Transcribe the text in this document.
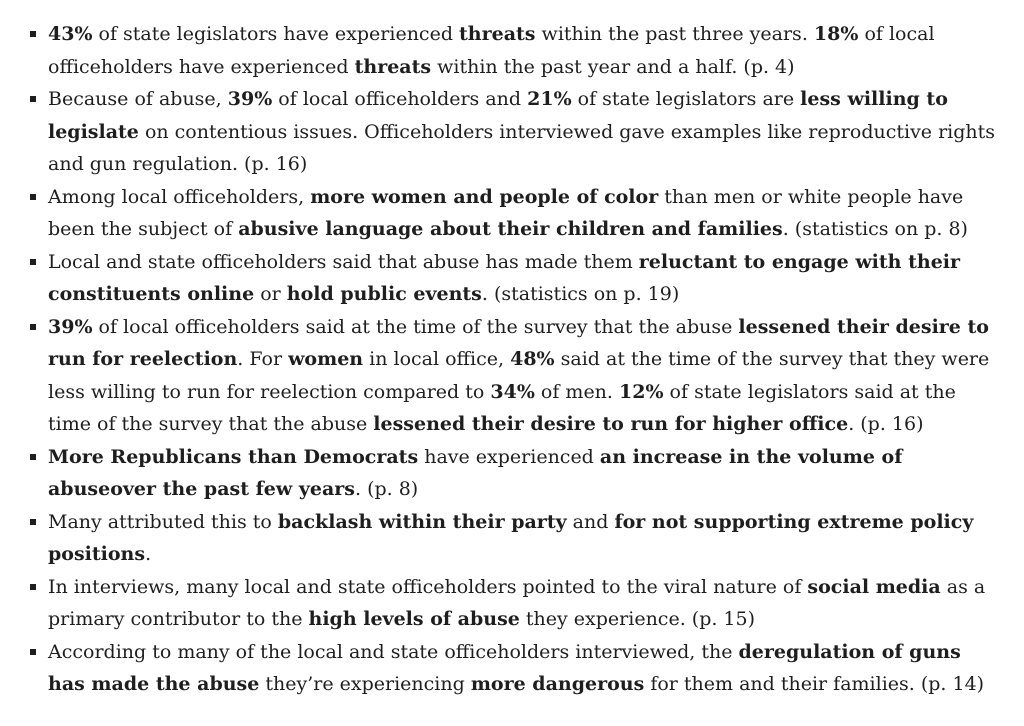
43% of state legislators have experienced threats within the past three years. 18% of local officeholders have experienced threats within the past year and a half. (p. 4)
Because of abuse, 39% of local officeholders and 21% of state legislators are less willing to legislate on contentious issues. Officeholders interviewed gave examples like reproductive rights and gun regulation. (p. 16)
Among local officeholders, more women and people of color than men or white people have been the subject of abusive language about their children and families. (statistics on p. 8)
Local and state officeholders said that abuse has made them reluctant to engage with their constituents online or hold public events. (statistics on p. 19)
39% of local officeholders said at the time of the survey that the abuse lessened their desire to run for reelection. For women in local office, 48% said at the time of the survey that they were less willing to run for reelection compared to 34% of men. 12% of state legislators said at the time of the survey that the abuse lessened their desire to run for higher office. (p. 16)
More Republicans than Democrats have experienced an increase in the volume of abuseover the past few years. (p. 8)
Many attributed this to backlash within their party and for not supporting extreme policy positions.
In interviews, many local and state officeholders pointed to the viral nature of social media as a primary contributor to the high levels of abuse they experience. (p. 15)
According to many of the local and state officeholders interviewed, the deregulation of guns has made the abuse they’re experiencing more dangerous for them and their families. (p. 14)
